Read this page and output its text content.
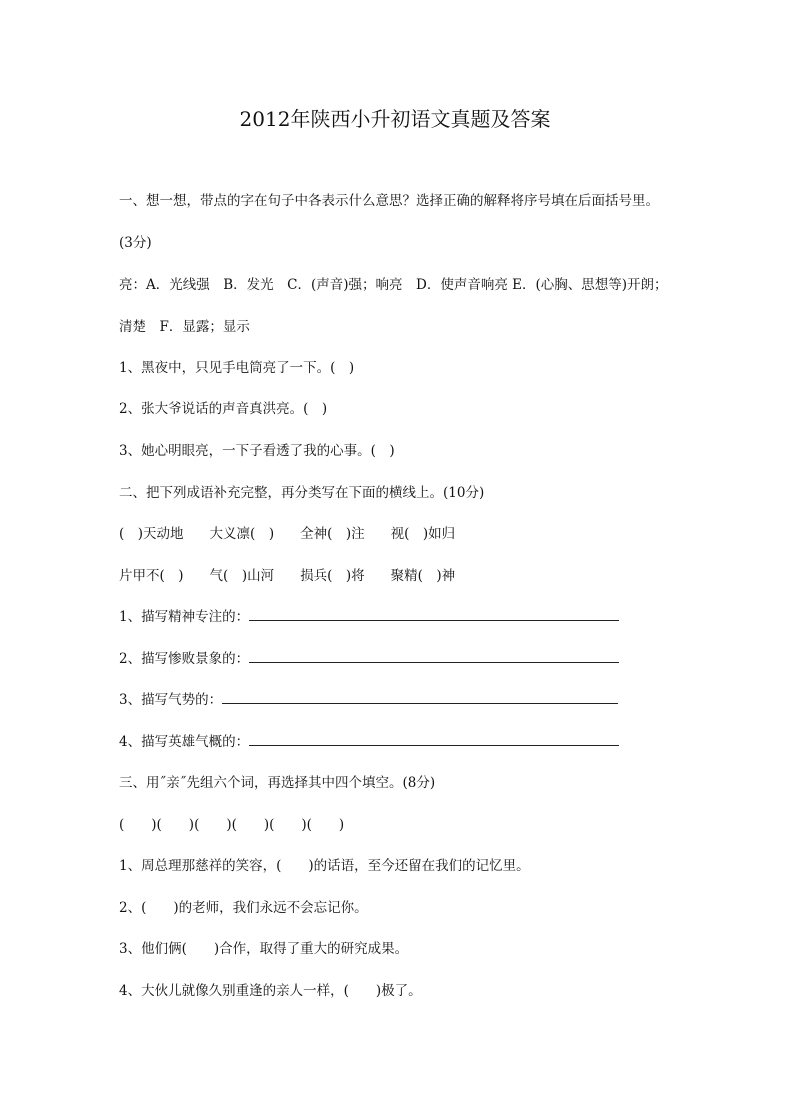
2012年陕西小升初语文真题及答案
一、想一想，带点的字在句子中各表示什么意思？选择正确的解释将序号填在后面括号里。
(3分)
亮：A．光线强　B．发光　C．(声音)强；响亮　D．使声音响亮 E．(心胸、思想等)开朗；
清楚　F．显露；显示
1、黑夜中，只见手电筒亮了一下。(　)
2、张大爷说话的声音真洪亮。(　)
3、她心明眼亮，一下子看透了我的心事。(　)
二、把下列成语补充完整，再分类写在下面的横线上。(10分)
(　)天动地 大义凛(　) 全神(　)注 视(　)如归
片甲不(　) 气(　)山河 损兵(　)将 聚精(　)神
1、描写精神专注的：
2、描写惨败景象的：
3、描写气势的：
4、描写英雄气概的：
三、用˝亲˝先组六个词，再选择其中四个填空。(8分)
(　　)(　　)(　　)(　　)(　　)(　　)
1、周总理那慈祥的笑容，(　　)的话语，至今还留在我们的记忆里。
2、(　　)的老师，我们永远不会忘记你。
3、他们俩(　　)合作，取得了重大的研究成果。
4、大伙儿就像久别重逢的亲人一样，(　　)极了。
